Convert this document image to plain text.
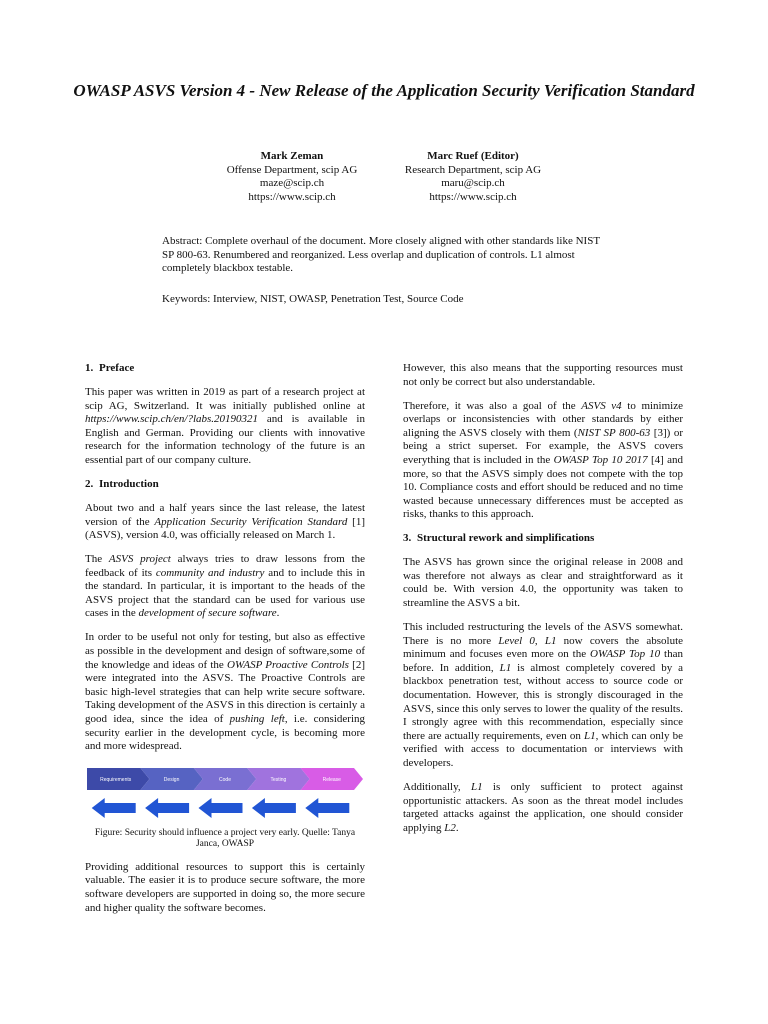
OWASP ASVS Version 4 - New Release of the Application Security Verification Standard
Mark Zeman
Offense Department, scip AG
maze@scip.ch
https://www.scip.ch
Marc Ruef (Editor)
Research Department, scip AG
maru@scip.ch
https://www.scip.ch

Abstract: Complete overhaul of the document. More closely aligned with other standards like NIST SP 800-63. Renumbered and reorganized. Less overlap and duplication of controls. L1 almost completely blackbox testable.

Keywords: Interview, NIST, OWASP, Penetration Test, Source Code

1. Preface

This paper was written in 2019 as part of a research project at scip AG, Switzerland. It was initially published online at https://www.scip.ch/en/?labs.20190321 and is available in English and German. Providing our clients with innovative research for the information technology of the future is an essential part of our company culture.

2. Introduction

About two and a half years since the last release, the latest version of the Application Security Verification Standard [1] (ASVS), version 4.0, was officially released on March 1.

The ASVS project always tries to draw lessons from the feedback of its community and industry and to include this in the standard. In particular, it is important to the heads of the ASVS project that the standard can be used for various use cases in the development of secure software.

In order to be useful not only for testing, but also as effective as possible in the development and design of software,some of the knowledge and ideas of the OWASP Proactive Controls [2] were integrated into the ASVS. The Proactive Controls are basic high-level strategies that can help write secure software. Taking development of the ASVS in this direction is certainly a good idea, since the idea of pushing left, i.e. considering security earlier in the development cycle, is becoming more and more widespread.

Requirements	Design	Code	Testing	Release
Figure: Security should influence a project very early. Quelle: Tanya Janca, OWASP

Providing additional resources to support this is certainly valuable. The easier it is to produce secure software, the more software developers are supported in doing so, the more secure and higher quality the software becomes.

However, this also means that the supporting resources must not only be correct but also understandable.

Therefore, it was also a goal of the ASVS v4 to minimize overlaps or inconsistencies with other standards by either aligning the ASVS closely with them (NIST SP 800-63 [3]) or being a strict superset. For example, the ASVS covers everything that is included in the OWASP Top 10 2017 [4] and more, so that the ASVS simply does not compete with the top 10. Compliance costs and effort should be reduced and no time wasted because unnecessary differences must be accepted as risks, thanks to this approach.

3. Structural rework and simplifications

The ASVS has grown since the original release in 2008 and was therefore not always as clear and straightforward as it could be. With version 4.0, the opportunity was taken to streamline the ASVS a bit.

This included restructuring the levels of the ASVS somewhat. There is no more Level 0, L1 now covers the absolute minimum and focuses even more on the OWASP Top 10 than before. In addition, L1 is almost completely covered by a blackbox penetration test, without access to source code or documentation. However, this is strongly discouraged in the ASVS, since this only serves to lower the quality of the results. I strongly agree with this recommendation, especially since there are actually requirements, even on L1, which can only be verified with access to documentation or interviews with developers.

Additionally, L1 is only sufficient to protect against opportunistic attackers. As soon as the threat model includes targeted attacks against the application, one should consider applying L2.
